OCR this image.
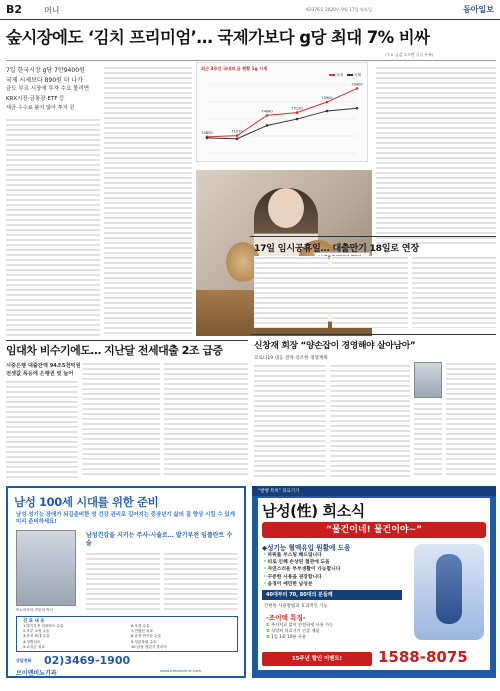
B2	머니	제3376호 2020년 9월 17일 월요일	동아일보
숲시장에도 ‘김치 프리미엄’… 국제가보다 g당 최대 7% 비싸
(주요 금값 오르면 공급 부족)
7일 한국시장 g당 7만9400원
국제 시세보다 890원 더 나가
금도 부르 시장에 투자 수요 몰리면
KRX시장-금통장·ETF 등
세금·수수료 붙지 않아 투자 원
최근 3주간 국내외 금 현황 1g 시세
국내	국제
70850	71070
74640
75130
75900
79400
17일 임시공휴일… 대출만기 18일로 연장
임대차 비수기에도… 지난달 전세대출 2조 급증
시중은행 대출잔액 94조5천억원
전셋값 폭등에 은행권 빚 늘어
신창재 회장 “양손잡이 경영해야 살아남아”
코로나19 대응 전략 강조한 경영계획
남성 100세 시대를 위한 준비
남성 성기능 장애가 되길준비한 성 건강 관리로 길어지는 중장년기 삶의 질 향상 시킬 수 있게 미리 준비하세요!
비뇨의학과 전문의 박사
남성건강을 지키는 주사·시술로… 발기부전 임플란트 수술
진 료 내 용
1.발기부전 임플란트 수술
2.조루 교정 수술
3.음경 확대 수술
4.성병치료
5.요실금 치료
6.포경 수술
7.전립선 치료
8.음경 만곡증 수술
9.정관복원 수술
10.남성 갱년기 클리닉
상담전화 02)3469-1900
브이맨비뇨기과	www.bimanclinic.com
“발행 특허” 의료기기
남성(性) 희소식
“물건이네! 물건이야~”
◆성기능 혈액유입 원활에 도움
· 파워를 부스팅 해드립니다
· 피로 인해 손상된 혈관에 도움
· 자연스러운 부부생활이 가능합니다
· 꾸준한 사용을 권장합니다
· 음경이 예민한 남성분
40대부터 70, 80대의 분들께
간편한 사용방법과 효과적인 기능
-조이텍 특징-
① 주사치료 없이 안전하게 사용 가능
② 식약처 의료기기 인증 제품
③ 1일 1회 10분 사용
15주년 할인 이벤트!	1588-8075
